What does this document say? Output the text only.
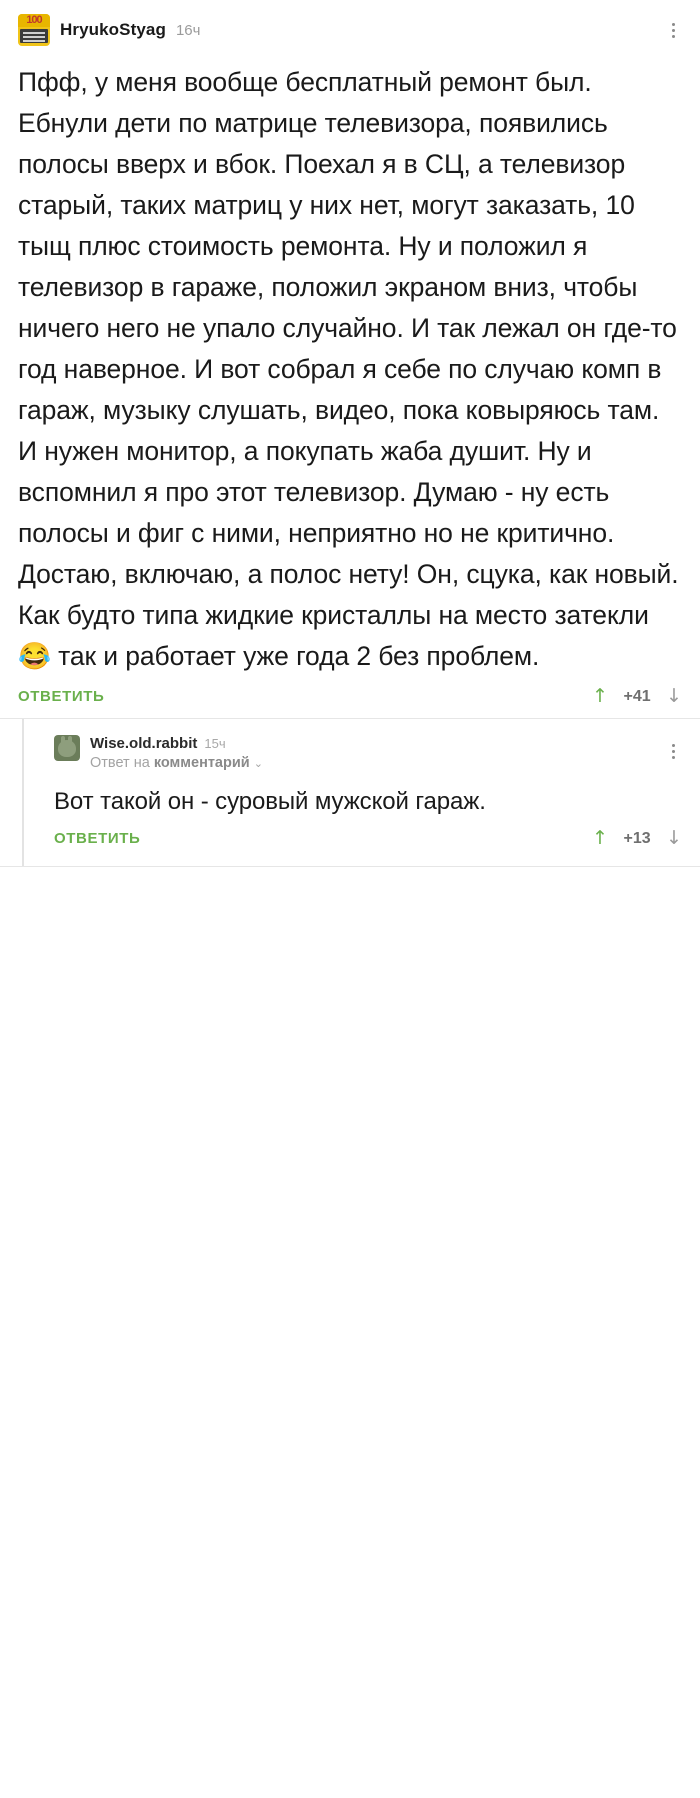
100	HryukoStyag 16ч
Пфф, у меня вообще бесплатный ремонт был. Ебнули дети по матрице телевизора, появились полосы вверх и вбок. Поехал я в СЦ, а телевизор старый, таких матриц у них нет, могут заказать, 10 тыщ плюс стоимость ремонта. Ну и положил я телевизор в гараже, положил экраном вниз, чтобы ничего него не упало случайно. И так лежал он где-то год наверное. И вот собрал я себе по случаю комп в гараж, музыку слушать, видео, пока ковыряюсь там. И нужен монитор, а покупать жаба душит. Ну и вспомнил я про этот телевизор. Думаю - ну есть полосы и фиг с ними, неприятно но не критично. Достаю, включаю, а полос нету! Он, сцука, как новый. Как будто типа жидкие кристаллы на место затекли 😂 так и работает уже года 2 без проблем.
ОТВЕТИТЬ	↑ +41 ↓
Wise.old.rabbit 15ч
Ответ на комментарий ⌄
Вот такой он - суровый мужской гараж.
ОТВЕТИТЬ	↑ +13 ↓
